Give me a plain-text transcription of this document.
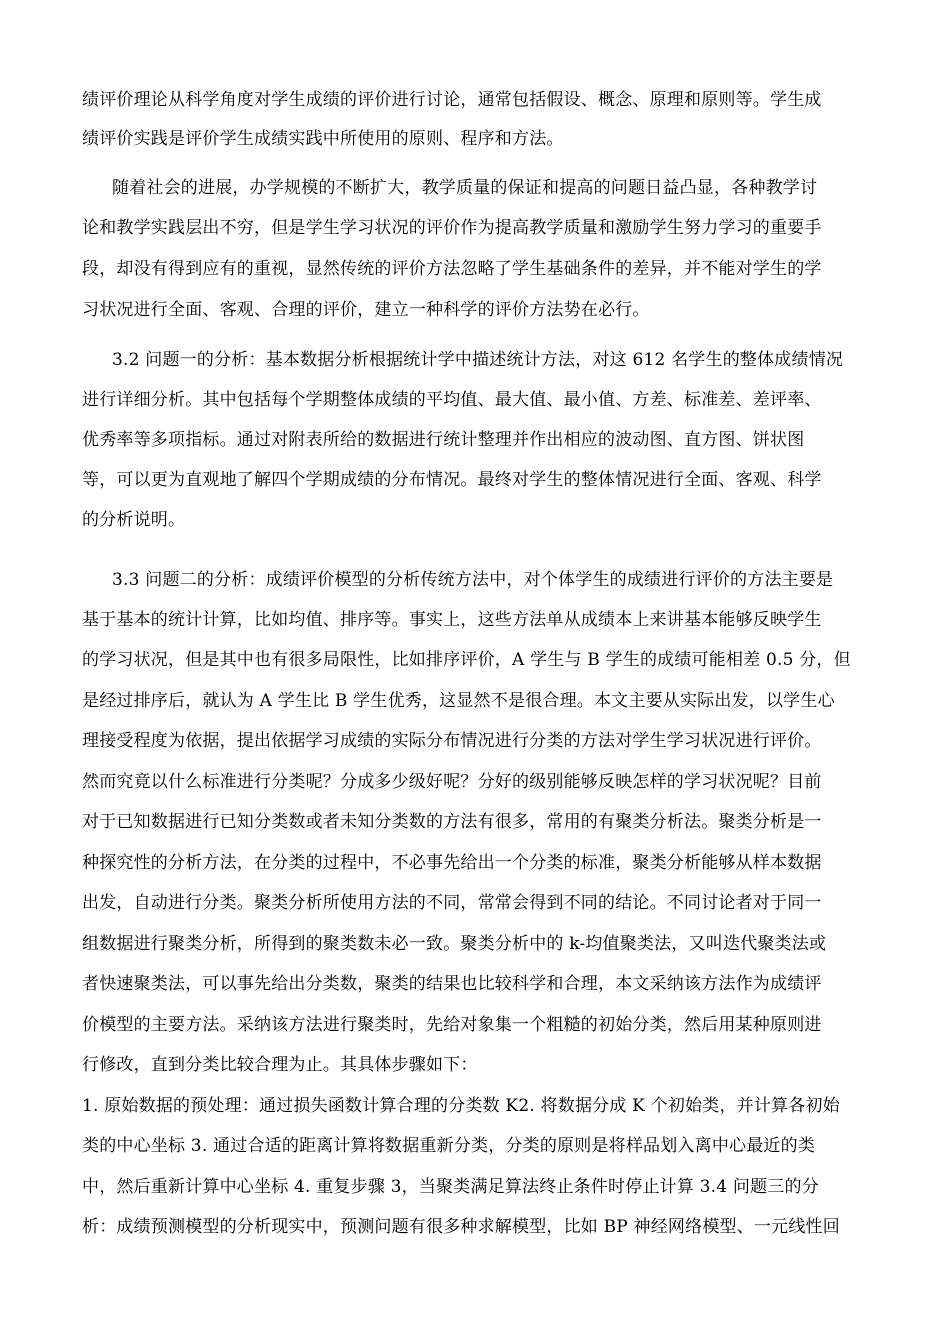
绩评价理论从科学角度对学生成绩的评价进行讨论，通常包括假设、概念、原理和原则等。学生成
绩评价实践是评价学生成绩实践中所使用的原则、程序和方法。
随着社会的进展，办学规模的不断扩大，教学质量的保证和提高的问题日益凸显，各种教学讨
论和教学实践层出不穷，但是学生学习状况的评价作为提高教学质量和激励学生努力学习的重要手
段，却没有得到应有的重视，显然传统的评价方法忽略了学生基础条件的差异，并不能对学生的学
习状况进行全面、客观、合理的评价，建立一种科学的评价方法势在必行。
3.2 问题一的分析：基本数据分析根据统计学中描述统计方法，对这 612 名学生的整体成绩情况
进行详细分析。其中包括每个学期整体成绩的平均值、最大值、最小值、方差、标准差、差评率、
优秀率等多项指标。通过对附表所给的数据进行统计整理并作出相应的波动图、直方图、饼状图
等，可以更为直观地了解四个学期成绩的分布情况。最终对学生的整体情况进行全面、客观、科学
的分析说明。
3.3 问题二的分析：成绩评价模型的分析传统方法中，对个体学生的成绩进行评价的方法主要是
基于基本的统计计算，比如均值、排序等。事实上，这些方法单从成绩本上来讲基本能够反映学生
的学习状况，但是其中也有很多局限性，比如排序评价，A 学生与 B 学生的成绩可能相差 0.5 分，但
是经过排序后，就认为 A 学生比 B 学生优秀，这显然不是很合理。本文主要从实际出发，以学生心
理接受程度为依据，提出依据学习成绩的实际分布情况进行分类的方法对学生学习状况进行评价。
然而究竟以什么标准进行分类呢？分成多少级好呢？分好的级别能够反映怎样的学习状况呢？目前
对于已知数据进行已知分类数或者未知分类数的方法有很多，常用的有聚类分析法。聚类分析是一
种探究性的分析方法，在分类的过程中，不必事先给出一个分类的标准，聚类分析能够从样本数据
出发，自动进行分类。聚类分析所使用方法的不同，常常会得到不同的结论。不同讨论者对于同一
组数据进行聚类分析，所得到的聚类数未必一致。聚类分析中的 k-均值聚类法，又叫迭代聚类法或
者快速聚类法，可以事先给出分类数，聚类的结果也比较科学和合理，本文采纳该方法作为成绩评
价模型的主要方法。采纳该方法进行聚类时，先给对象集一个粗糙的初始分类，然后用某种原则进
行修改，直到分类比较合理为止。其具体步骤如下：
1. 原始数据的预处理：通过损失函数计算合理的分类数 K2. 将数据分成 K 个初始类，并计算各初始
类的中心坐标 3. 通过合适的距离计算将数据重新分类，分类的原则是将样品划入离中心最近的类
中，然后重新计算中心坐标 4. 重复步骤 3，当聚类满足算法终止条件时停止计算 3.4 问题三的分
析：成绩预测模型的分析现实中，预测问题有很多种求解模型，比如 BP 神经网络模型、一元线性回
